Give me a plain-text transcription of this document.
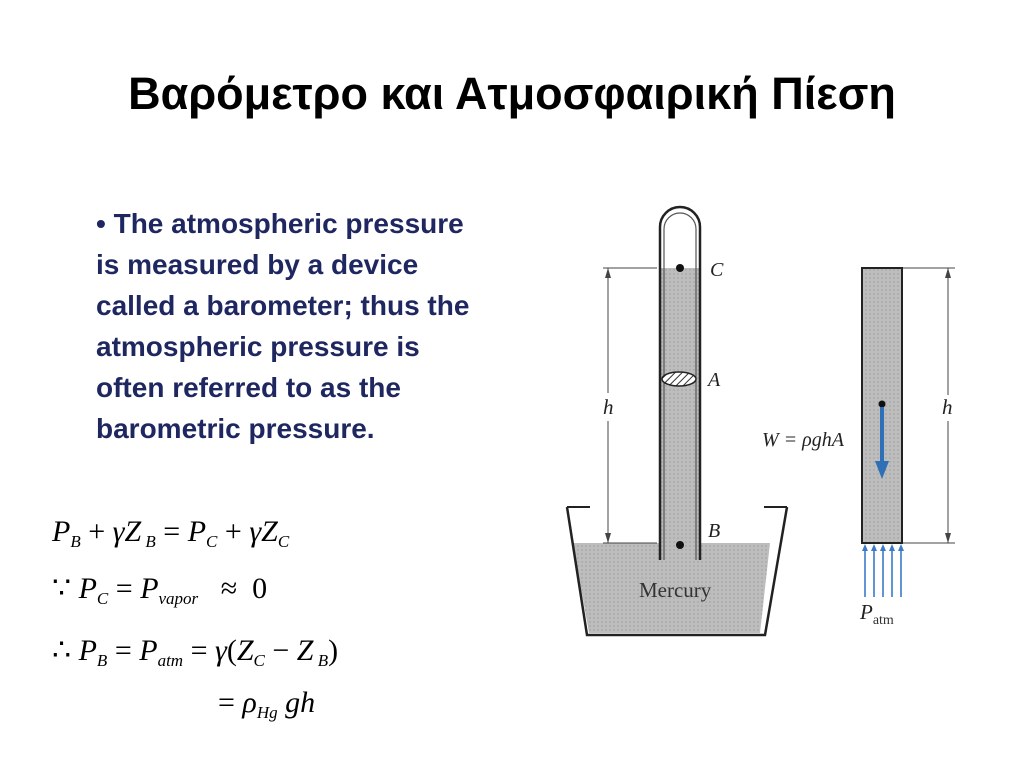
Βαρόμετρο και Ατμοσφαιρική Πίεση
• The atmospheric pressure
is measured by a device
called a barometer; thus the
atmospheric pressure is
often referred to as the
barometric pressure.
$P_B + \gamma Z$ $_B = P_C + \gamma Z_C$
∵ $P_C = P_{vapor} \approx 0$
∴ $P_B = P_{atm} = \gamma(Z_C - Z$ $_B$)
= $\rho_{Hg}$ gh
C
A
B
h
Mercury
h
W = ρghA
$P_{atm}$
